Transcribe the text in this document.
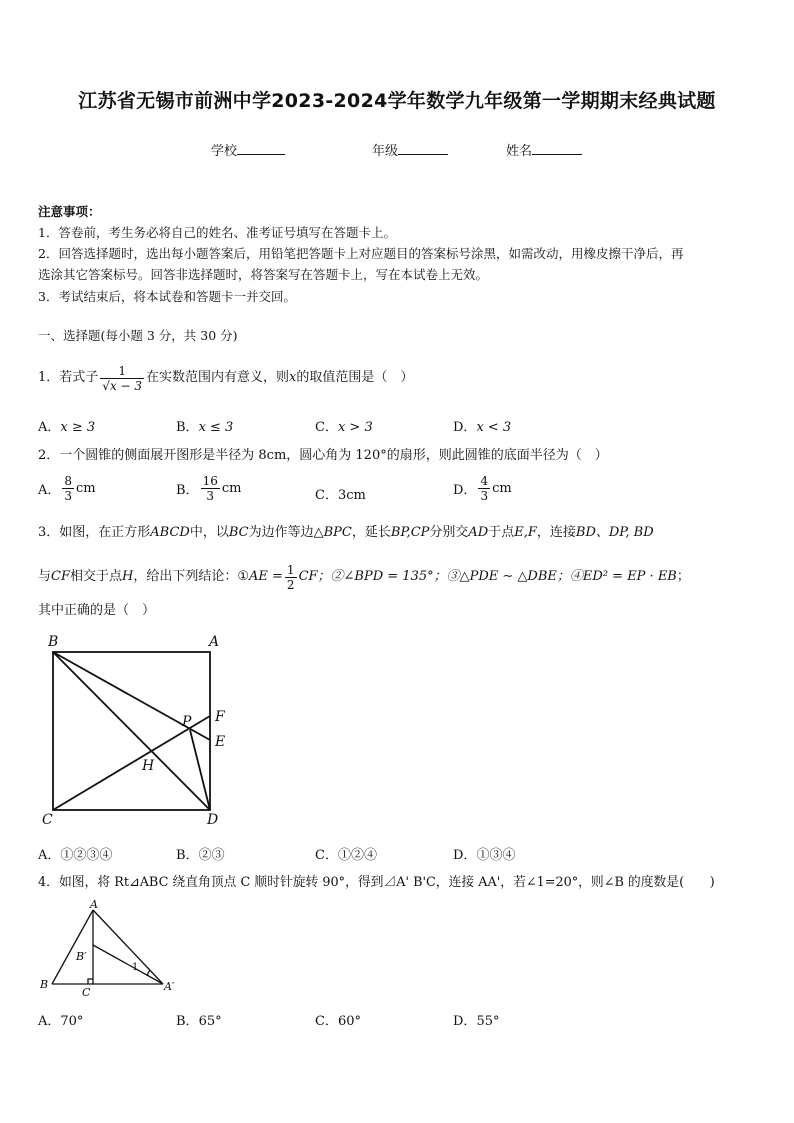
江苏省无锡市前洲中学2023-2024学年数学九年级第一学期期末经典试题
学校	年级	姓名
注意事项：
1．答卷前，考生务必将自己的姓名、准考证号填写在答题卡上。
2．回答选择题时，选出每小题答案后，用铅笔把答题卡上对应题目的答案标号涂黑，如需改动，用橡皮擦干净后，再
选涂其它答案标号。回答非选择题时，将答案写在答题卡上，写在本试卷上无效。
3．考试结束后，将本试卷和答题卡一并交回。
一、选择题(每小题 3 分，共 30 分)
1．若式子 $\frac{1}{√x - 3}$ 在实数范围内有意义，则 x 的取值范围是（　）
A．x ≥ 3	B．x ≤ 3	C．x > 3	D．x < 3
2．一个圆锥的侧面展开图形是半径为 8cm，圆心角为 120°的扇形，则此圆锥的底面半径为（　）
A． $\frac{8}{3}$ cm	B． $\frac{16}{3}$ cm	C．3cm	D． $\frac{4}{3}$ cm
3．如图，在正方形ABCD中，以BC为边作等边△BPC，延长BP,CP分别交AD于点E,F，连接BD、DP, BD
与 CF 相交于点 H ，给出下列结论： ① AE = $\frac{1}{2}$ CF ；②∠BPD = 135° ；③△PDE ∼ △DBE ；④ED² = EP · EB ；
其中正确的是（　）
B	A
C	D
P F
E
H
A．①②③④	B．②③	C．①②④	D．①③④
4．如图，将 Rt⊿ABC 绕直角顶点 C 顺时针旋转 90°，得到⊿A' B'C，连接 AA'，若∠1=20°，则∠B 的度数是(　　)
A
B′
B
C	A′
1
A．70°	B．65°	C．60°	D．55°
